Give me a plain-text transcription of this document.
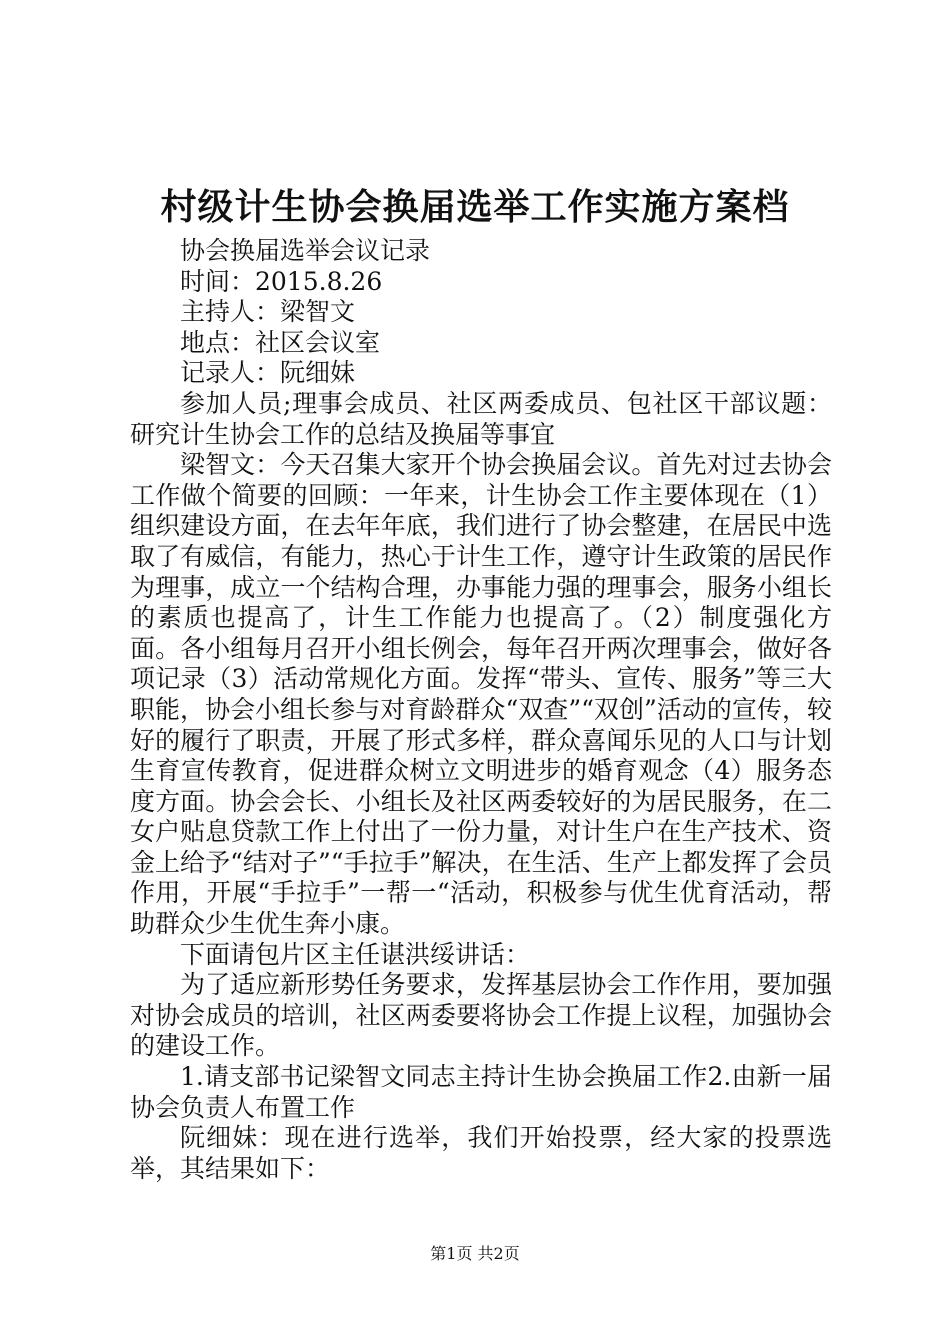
村级计生协会换届选举工作实施方案档

协会换届选举会议记录

时间：2015.8.26

主持人：梁智文

地点：社区会议室

记录人：阮细妹

参加人员;理事会成员、社区两委成员、包社区干部议题：研究计生协会工作的总结及换届等事宜

梁智文：今天召集大家开个协会换届会议。首先对过去协会工作做个简要的回顾：一年来，计生协会工作主要体现在（1）组织建设方面，在去年年底，我们进行了协会整建，在居民中选取了有威信，有能力，热心于计生工作，遵守计生政策的居民作为理事，成立一个结构合理，办事能力强的理事会，服务小组长的素质也提高了，计生工作能力也提高了。（2）制度强化方面。各小组每月召开小组长例会，每年召开两次理事会，做好各项记录（3）活动常规化方面。发挥“带头、宣传、服务”等三大职能，协会小组长参与对育龄群众“双查”“双创”活动的宣传，较好的履行了职责，开展了形式多样，群众喜闻乐见的人口与计划生育宣传教育，促进群众树立文明进步的婚育观念（4）服务态度方面。协会会长、小组长及社区两委较好的为居民服务，在二女户贴息贷款工作上付出了一份力量，对计生户在生产技术、资金上给予“结对子”“手拉手”解决，在生活、生产上都发挥了会员作用，开展“手拉手”一帮一“活动，积极参与优生优育活动，帮助群众少生优生奔小康。

下面请包片区主任谌洪绥讲话：

为了适应新形势任务要求，发挥基层协会工作作用，要加强对协会成员的培训，社区两委要将协会工作提上议程，加强协会的建设工作。

1.请支部书记梁智文同志主持计生协会换届工作2.由新一届协会负责人布置工作

阮细妹：现在进行选举，我们开始投票，经大家的投票选举，其结果如下：

第1页 共2页
